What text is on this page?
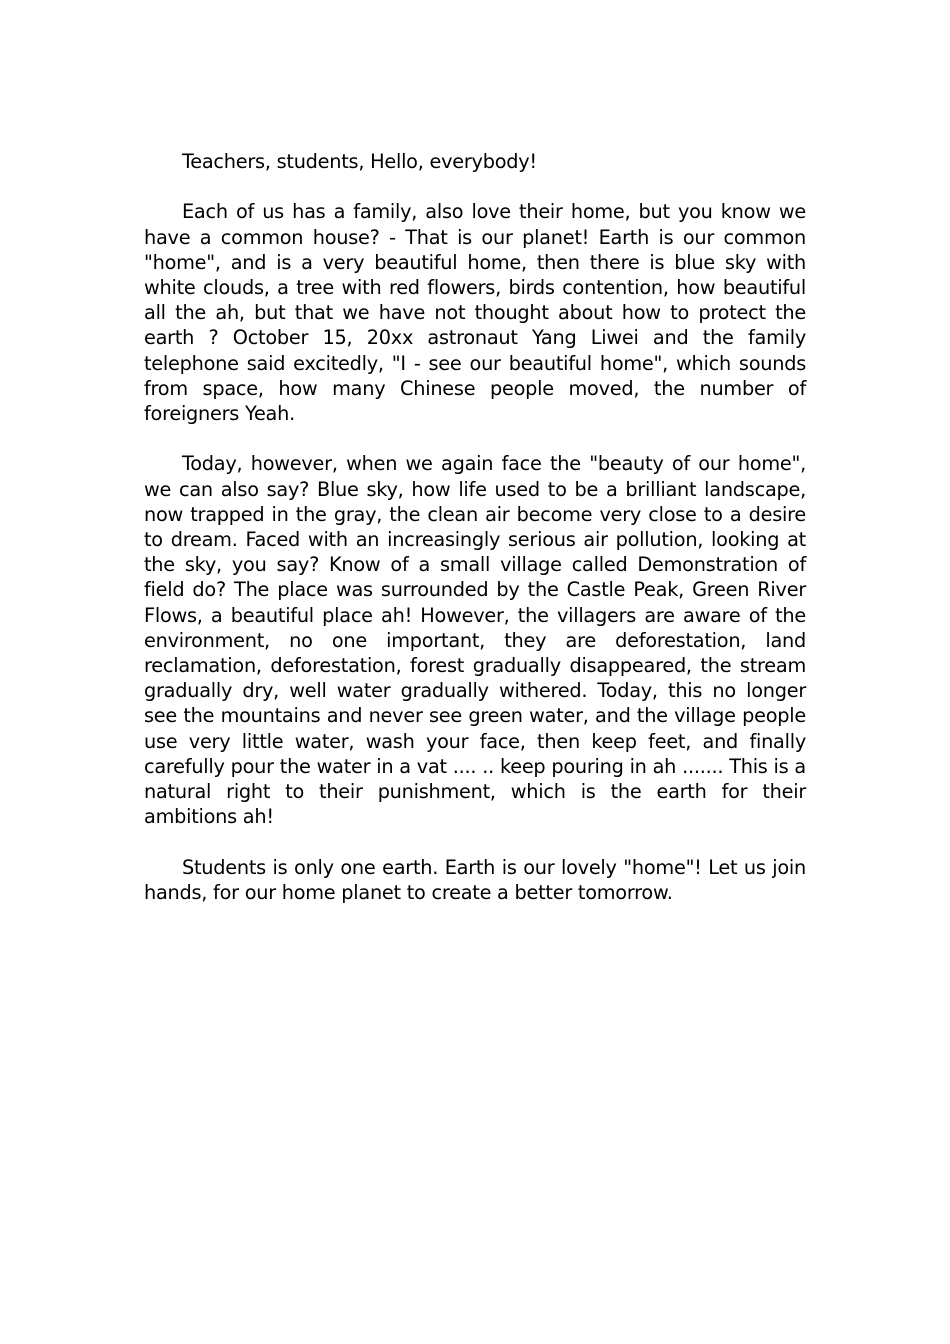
Teachers, students, Hello, everybody!

Each of us has a family, also love their home, but you know we have a common house? - That is our planet! Earth is our common "home", and is a very beautiful home, then there is blue sky with white clouds, a tree with red flowers, birds contention, how beautiful all the ah, but that we have not thought about how to protect the earth ? October 15, 20xx astronaut Yang Liwei and the family telephone said excitedly, "I - see our beautiful home", which sounds from space, how many Chinese people moved, the number of foreigners Yeah.

Today, however, when we again face the "beauty of our home", we can also say? Blue sky, how life used to be a brilliant landscape, now trapped in the gray, the clean air become very close to a desire to dream. Faced with an increasingly serious air pollution, looking at the sky, you say? Know of a small village called Demonstration of field do? The place was surrounded by the Castle Peak, Green River Flows, a beautiful place ah! However, the villagers are aware of the environment, no one important, they are deforestation, land reclamation, deforestation, forest gradually disappeared, the stream gradually dry, well water gradually withered. Today, this no longer see the mountains and never see green water, and the village people use very little water, wash your face, then keep feet, and finally carefully pour the water in a vat .... .. keep pouring in ah ....... This is a natural right to their punishment, which is the earth for their ambitions ah!

Students is only one earth. Earth is our lovely "home"! Let us join hands, for our home planet to create a better tomorrow.
